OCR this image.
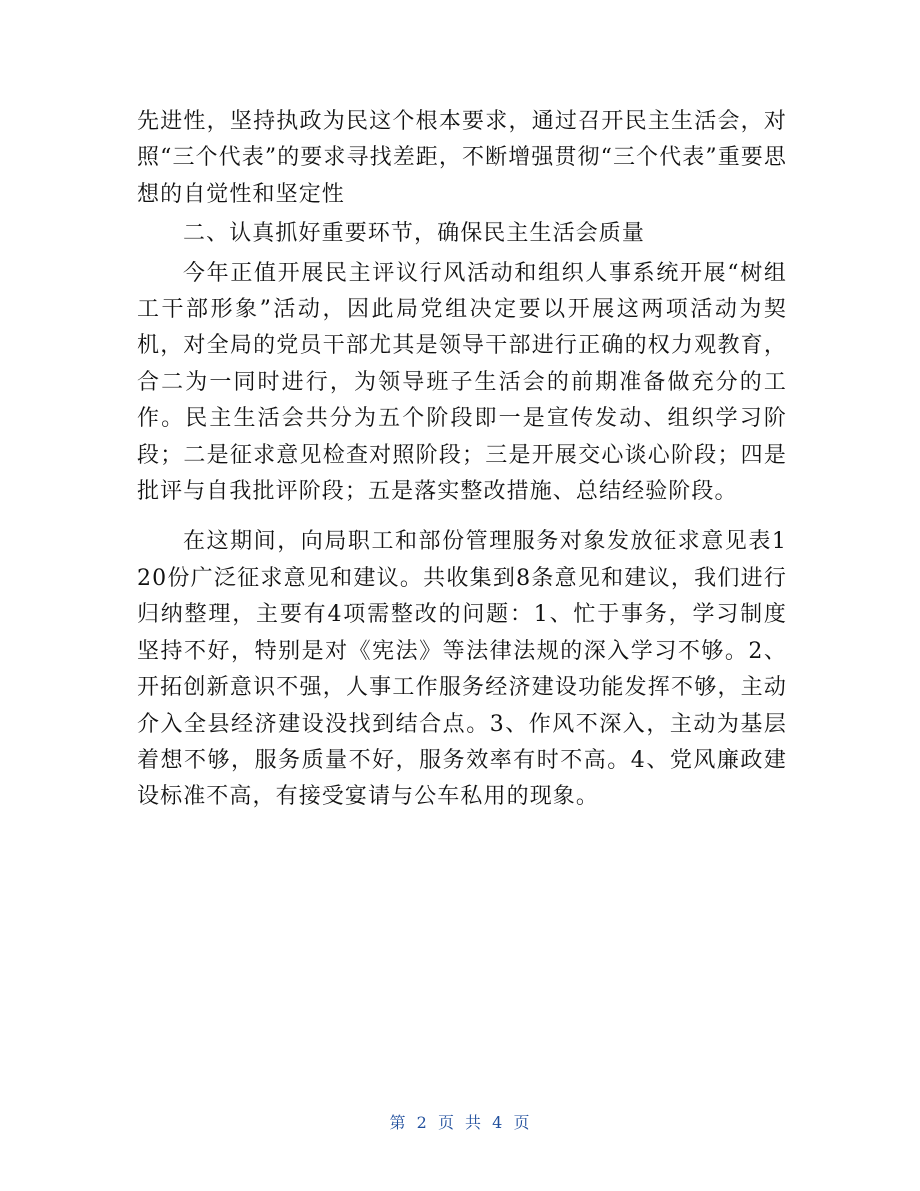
先进性，坚持执政为民这个根本要求，通过召开民主生活会，对照“三个代表”的要求寻找差距，不断增强贯彻“三个代表”重要思想的自觉性和坚定性

二、认真抓好重要环节，确保民主生活会质量

今年正值开展民主评议行风活动和组织人事系统开展“树组工干部形象”活动，因此局党组决定要以开展这两项活动为契机，对全局的党员干部尤其是领导干部进行正确的权力观教育，合二为一同时进行，为领导班子生活会的前期准备做充分的工作。民主生活会共分为五个阶段即一是宣传发动、组织学习阶段；二是征求意见检查对照阶段；三是开展交心谈心阶段；四是批评与自我批评阶段；五是落实整改措施、总结经验阶段。

在这期间，向局职工和部份管理服务对象发放征求意见表120份广泛征求意见和建议。共收集到8条意见和建议，我们进行归纳整理，主要有4项需整改的问题：1、忙于事务，学习制度坚持不好，特别是对《宪法》等法律法规的深入学习不够。2、开拓创新意识不强，人事工作服务经济建设功能发挥不够，主动介入全县经济建设没找到结合点。3、作风不深入，主动为基层着想不够，服务质量不好，服务效率有时不高。4、党风廉政建设标准不高，有接受宴请与公车私用的现象。

第 2 页 共 4 页
